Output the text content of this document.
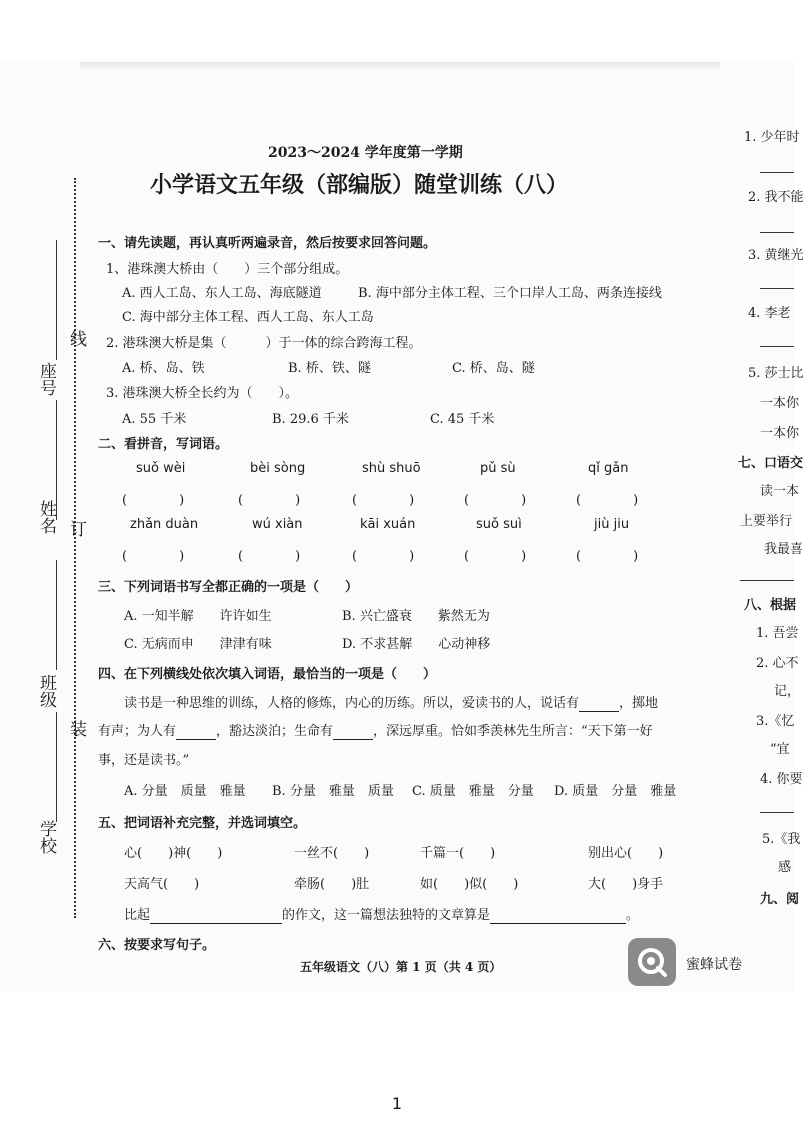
2023～2024 学年度第一学期
小学语文五年级（部编版）随堂训练（八）
座号
姓名
班级
学校
线
订
装
一、请先读题，再认真听两遍录音，然后按要求回答问题。
1、港珠澳大桥由（　　）三个部分组成。
A. 西人工岛、东人工岛、海底隧道	B. 海中部分主体工程、三个口岸人工岛、两条连接线
C. 海中部分主体工程、西人工岛、东人工岛
2. 港珠澳大桥是集（　　　）于一体的综合跨海工程。
A. 桥、岛、铁	B. 桥、铁、隧	C. 桥、岛、隧
3. 港珠澳大桥全长约为（　　）。
A. 55 千米	B. 29.6 千米	C. 45 千米
二、看拼音，写词语。
suǒ wèi	bèi sòng	shù shuō	pǔ sù	qǐ gǎn
(　　　　)	(　　　　)	(　　　　)	(　　　　)	(　　　　)
zhǎn duàn	wú xiàn	kāi xuán	suǒ suì	jiù jiu
(　　　　)	(　　　　)	(　　　　)	(　　　　)	(　　　　)
三、下列词语书写全都正确的一项是（　　）
A. 一知半解　　许许如生	B. 兴亡盛衰　　紫然无为
C. 无病而申　　津津有味	D. 不求甚解　　心动神移
四、在下列横线处依次填入词语，最恰当的一项是（　　）
读书是一种思维的训练，人格的修炼，内心的历练。所以，爱读书的人，说话有	，掷地
有声；为人有	，豁达淡泊；生命有	，深远厚重。恰如季羡林先生所言：“天下第一好
事，还是读书。”
A. 分量　质量　雅量 B. 分量　雅量　质量 C. 质量　雅量　分量 D. 质量　分量　雅量
五、把词语补充完整，并选词填空。
心(　　)神(　　)	一丝不(　　)	千篇一(　　)	别出心(　　)
天高气(　　)	牵肠(　　)肚	如(　　)似(　　)	大(　　)身手
比起	的作文，这一篇想法独特的文章算是	。
六、按要求写句子。
五年级语文（八）第 1 页（共 4 页）	蜜蜂试卷
1. 少年时
2. 我不能
3. 黄继光
4. 李老
5. 莎士比
一本你
一本你
七、口语交
读一本
上要举行
我最喜
八、根据
1. 吾尝
2. 心不
记，
3.《忆
“宜
4. 你要
5.《我
感
九、阅
1
